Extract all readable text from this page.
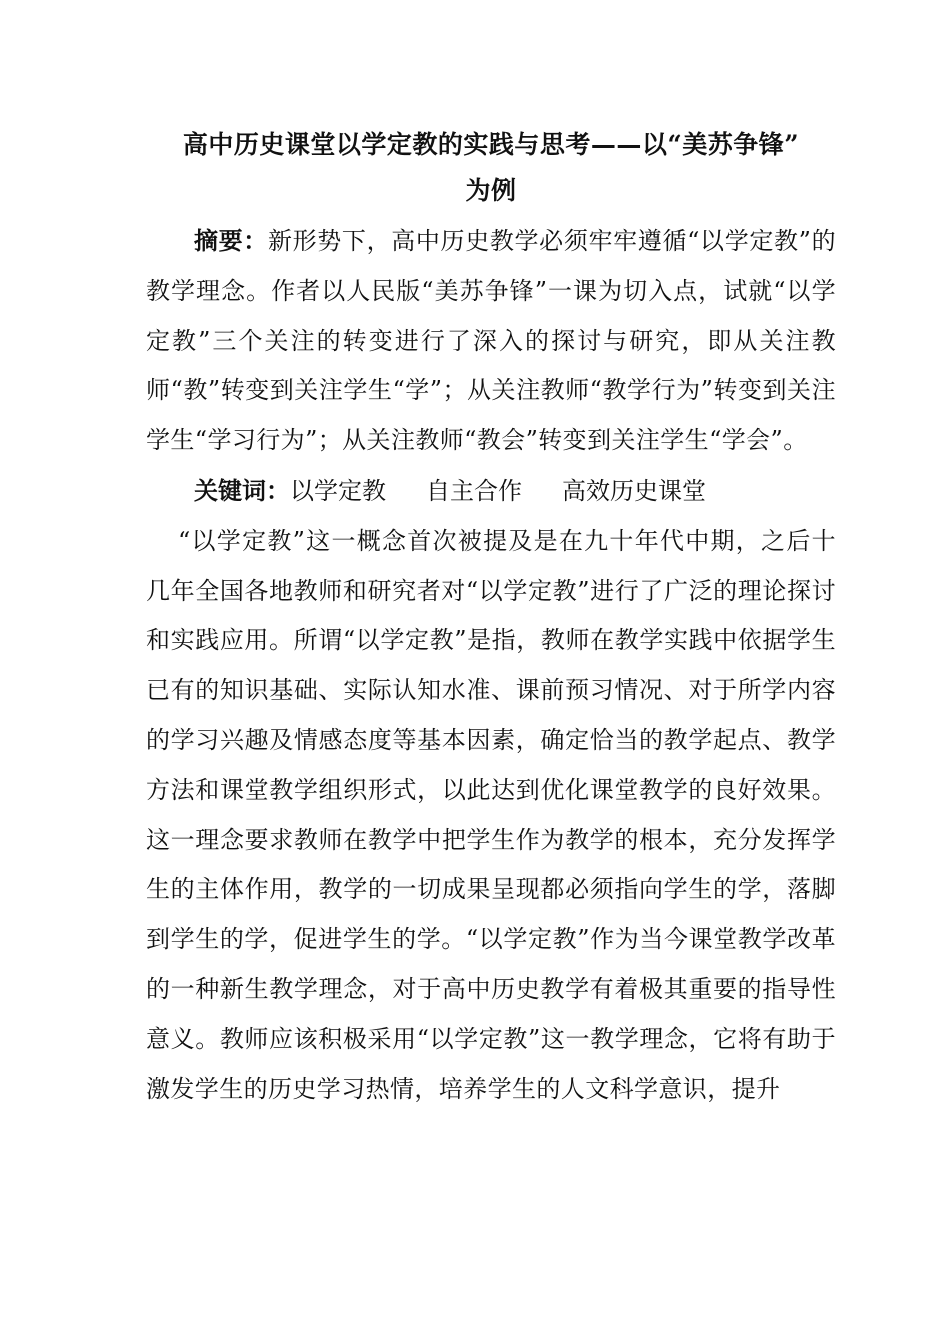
高中历史课堂以学定教的实践与思考——以“美苏争锋”
为例

摘要：新形势下，高中历史教学必须牢牢遵循“以学定教”的教学理念。作者以人民版“美苏争锋”一课为切入点，试就“以学定教”三个关注的转变进行了深入的探讨与研究，即从关注教师“教”转变到关注学生“学”；从关注教师“教学行为”转变到关注学生“学习行为”；从关注教师“教会”转变到关注学生“学会”。

关键词：以学定教 自主合作 高效历史课堂

“以学定教”这一概念首次被提及是在九十年代中期，之后十几年全国各地教师和研究者对“以学定教”进行了广泛的理论探讨和实践应用。所谓“以学定教”是指，教师在教学实践中依据学生已有的知识基础、实际认知水准、课前预习情况、对于所学内容的学习兴趣及情感态度等基本因素，确定恰当的教学起点、教学方法和课堂教学组织形式，以此达到优化课堂教学的良好效果。这一理念要求教师在教学中把学生作为教学的根本，充分发挥学生的主体作用，教学的一切成果呈现都必须指向学生的学，落脚到学生的学，促进学生的学。“以学定教”作为当今课堂教学改革的一种新生教学理念，对于高中历史教学有着极其重要的指导性意义。教师应该积极采用“以学定教”这一教学理念，它将有助于激发学生的历史学习热情，培养学生的人文科学意识，提升
